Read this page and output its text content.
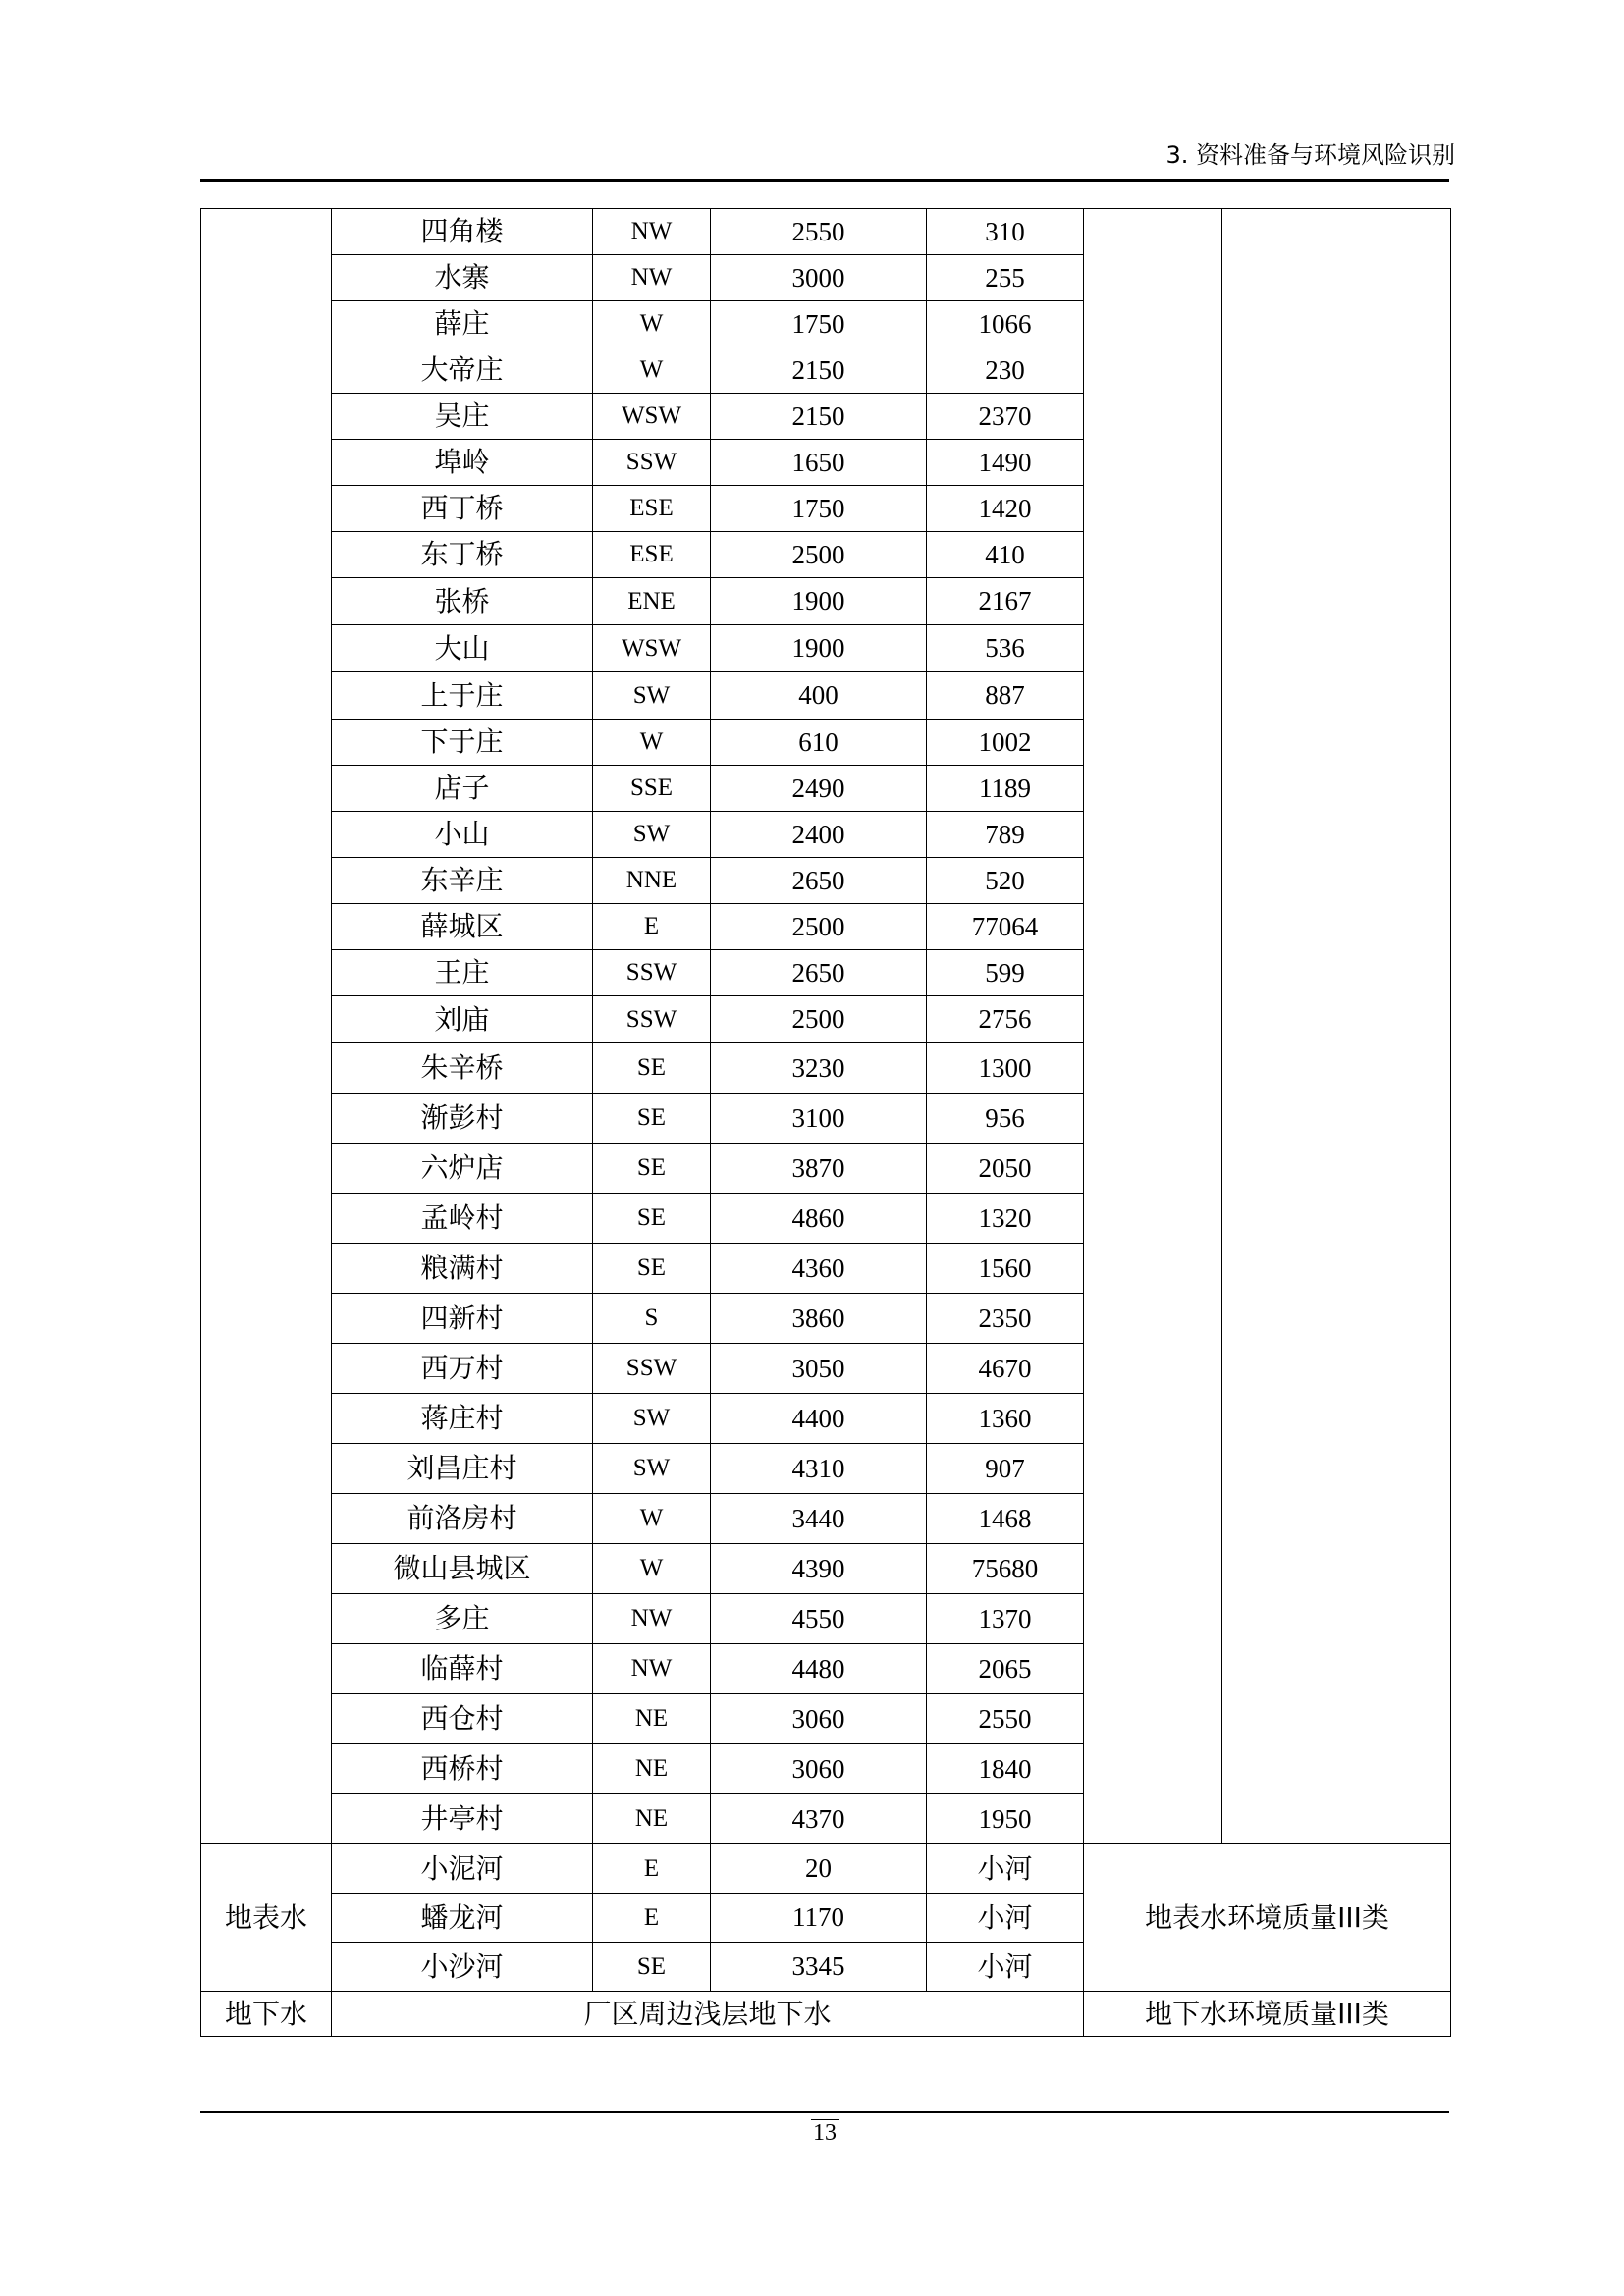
3. 资料准备与环境风险识别
	四角楼	NW	2550	310		
	水寨	NW	3000	255		
	薛庄	W	1750	1066		
	大帝庄	W	2150	230		
	吴庄	WSW	2150	2370		
	埠岭	SSW	1650	1490		
	西丁桥	ESE	1750	1420		
	东丁桥	ESE	2500	410		
	张桥	ENE	1900	2167		
	大山	WSW	1900	536		
	上于庄	SW	400	887		
	下于庄	W	610	1002		
	店子	SSE	2490	1189		
	小山	SW	2400	789		
	东辛庄	NNE	2650	520		
	薛城区	E	2500	77064		
	王庄	SSW	2650	599		
	刘庙	SSW	2500	2756		
	朱辛桥	SE	3230	1300		
	渐彭村	SE	3100	956		
	六炉店	SE	3870	2050		
	孟岭村	SE	4860	1320		
	粮满村	SE	4360	1560		
	四新村	S	3860	2350		
	西万村	SSW	3050	4670		
	蒋庄村	SW	4400	1360		
	刘昌庄村	SW	4310	907		
	前洛房村	W	3440	1468		
	微山县城区	W	4390	75680		
	多庄	NW	4550	1370		
	临薛村	NW	4480	2065		
	西仓村	NE	3060	2550		
	西桥村	NE	3060	1840		
	井亭村	NE	4370	1950		
地表水	小泥河	E	20	小河	地表水环境质量III类	
	蟠龙河	E	1170	小河		
	小沙河	SE	3345	小河		
地下水	厂区周边浅层地下水				地下水环境质量III类	
13
